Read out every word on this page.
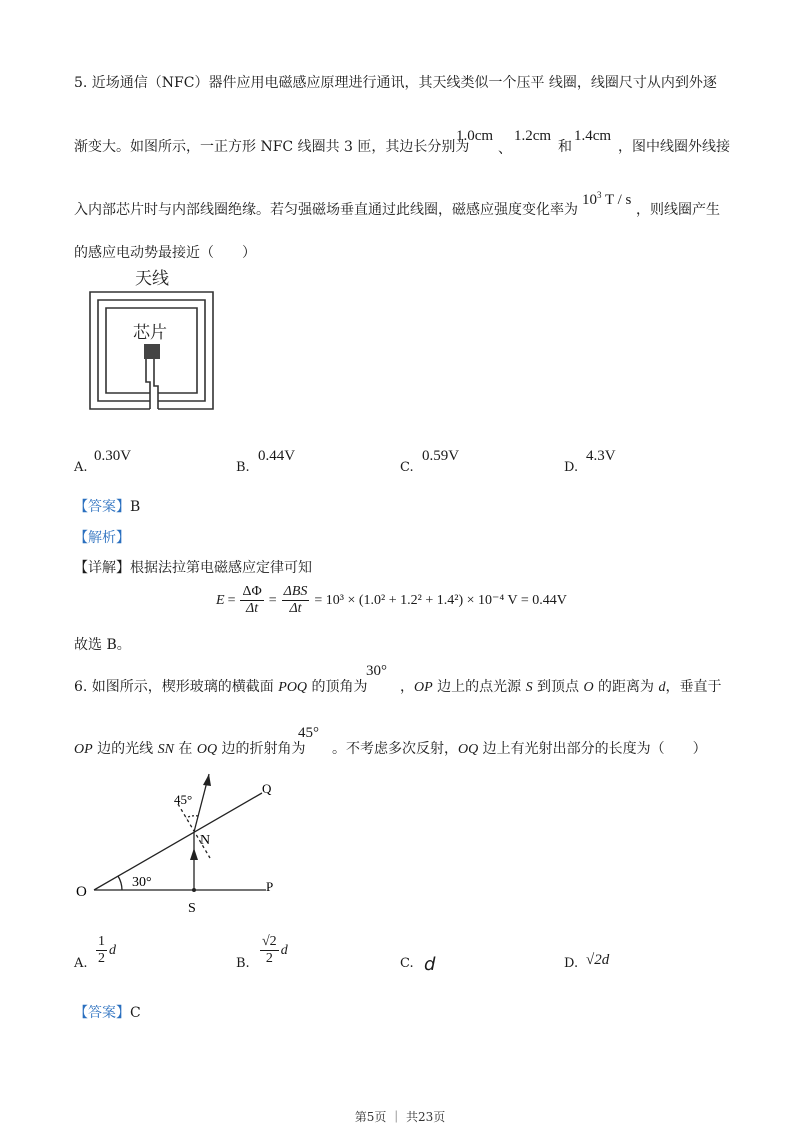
5. 近场通信（NFC）器件应用电磁感应原理进行通讯，其天线类似一个压平 线圈，线圈尺寸从内到外逐
渐变大。如图所示，一正方形 NFC 线圈共 3 匝，其边长分别为
1.0cm
、
1.2cm
和
1.4cm
，图中线圈外线接
入内部芯片时与内部线圈绝缘。若匀强磁场垂直通过此线圈，磁感应强度变化率为
$10^3$ T / s
，则线圈产生
的感应电动势最接近（　　）
天线
芯片
A.
0.30V
B.
0.44V
C.
0.59V
D.
4.3V
【答案】B
【解析】
【详解】根据法拉第电磁感应定律可知
$E = \frac{\Delta\Phi}{\Delta t} = \frac{\text{ΔBS}}{\Delta t} = 10^3 \times (1.0^2 + 1.2^2 + 1.4^2) \times 10^{-4}$ V = 0.44V
故选 B。
6. 如图所示，楔形玻璃的横截面 POQ 的顶角为
30°
，OP 边上的点光源 S 到顶点 O 的距离为 d，垂直于
OP 边的光线 SN 在 OQ 边的折射角为
45°
。不考虑多次反射，OQ 边上有光射出部分的长度为（　　）
O	P
Q
S
N
30°
45°
A. $\frac{1}{2}$ d
B. $\frac{√2}{2}$ d
C. d	D. √2d
【答案】C
第5页 ｜ 共23页
